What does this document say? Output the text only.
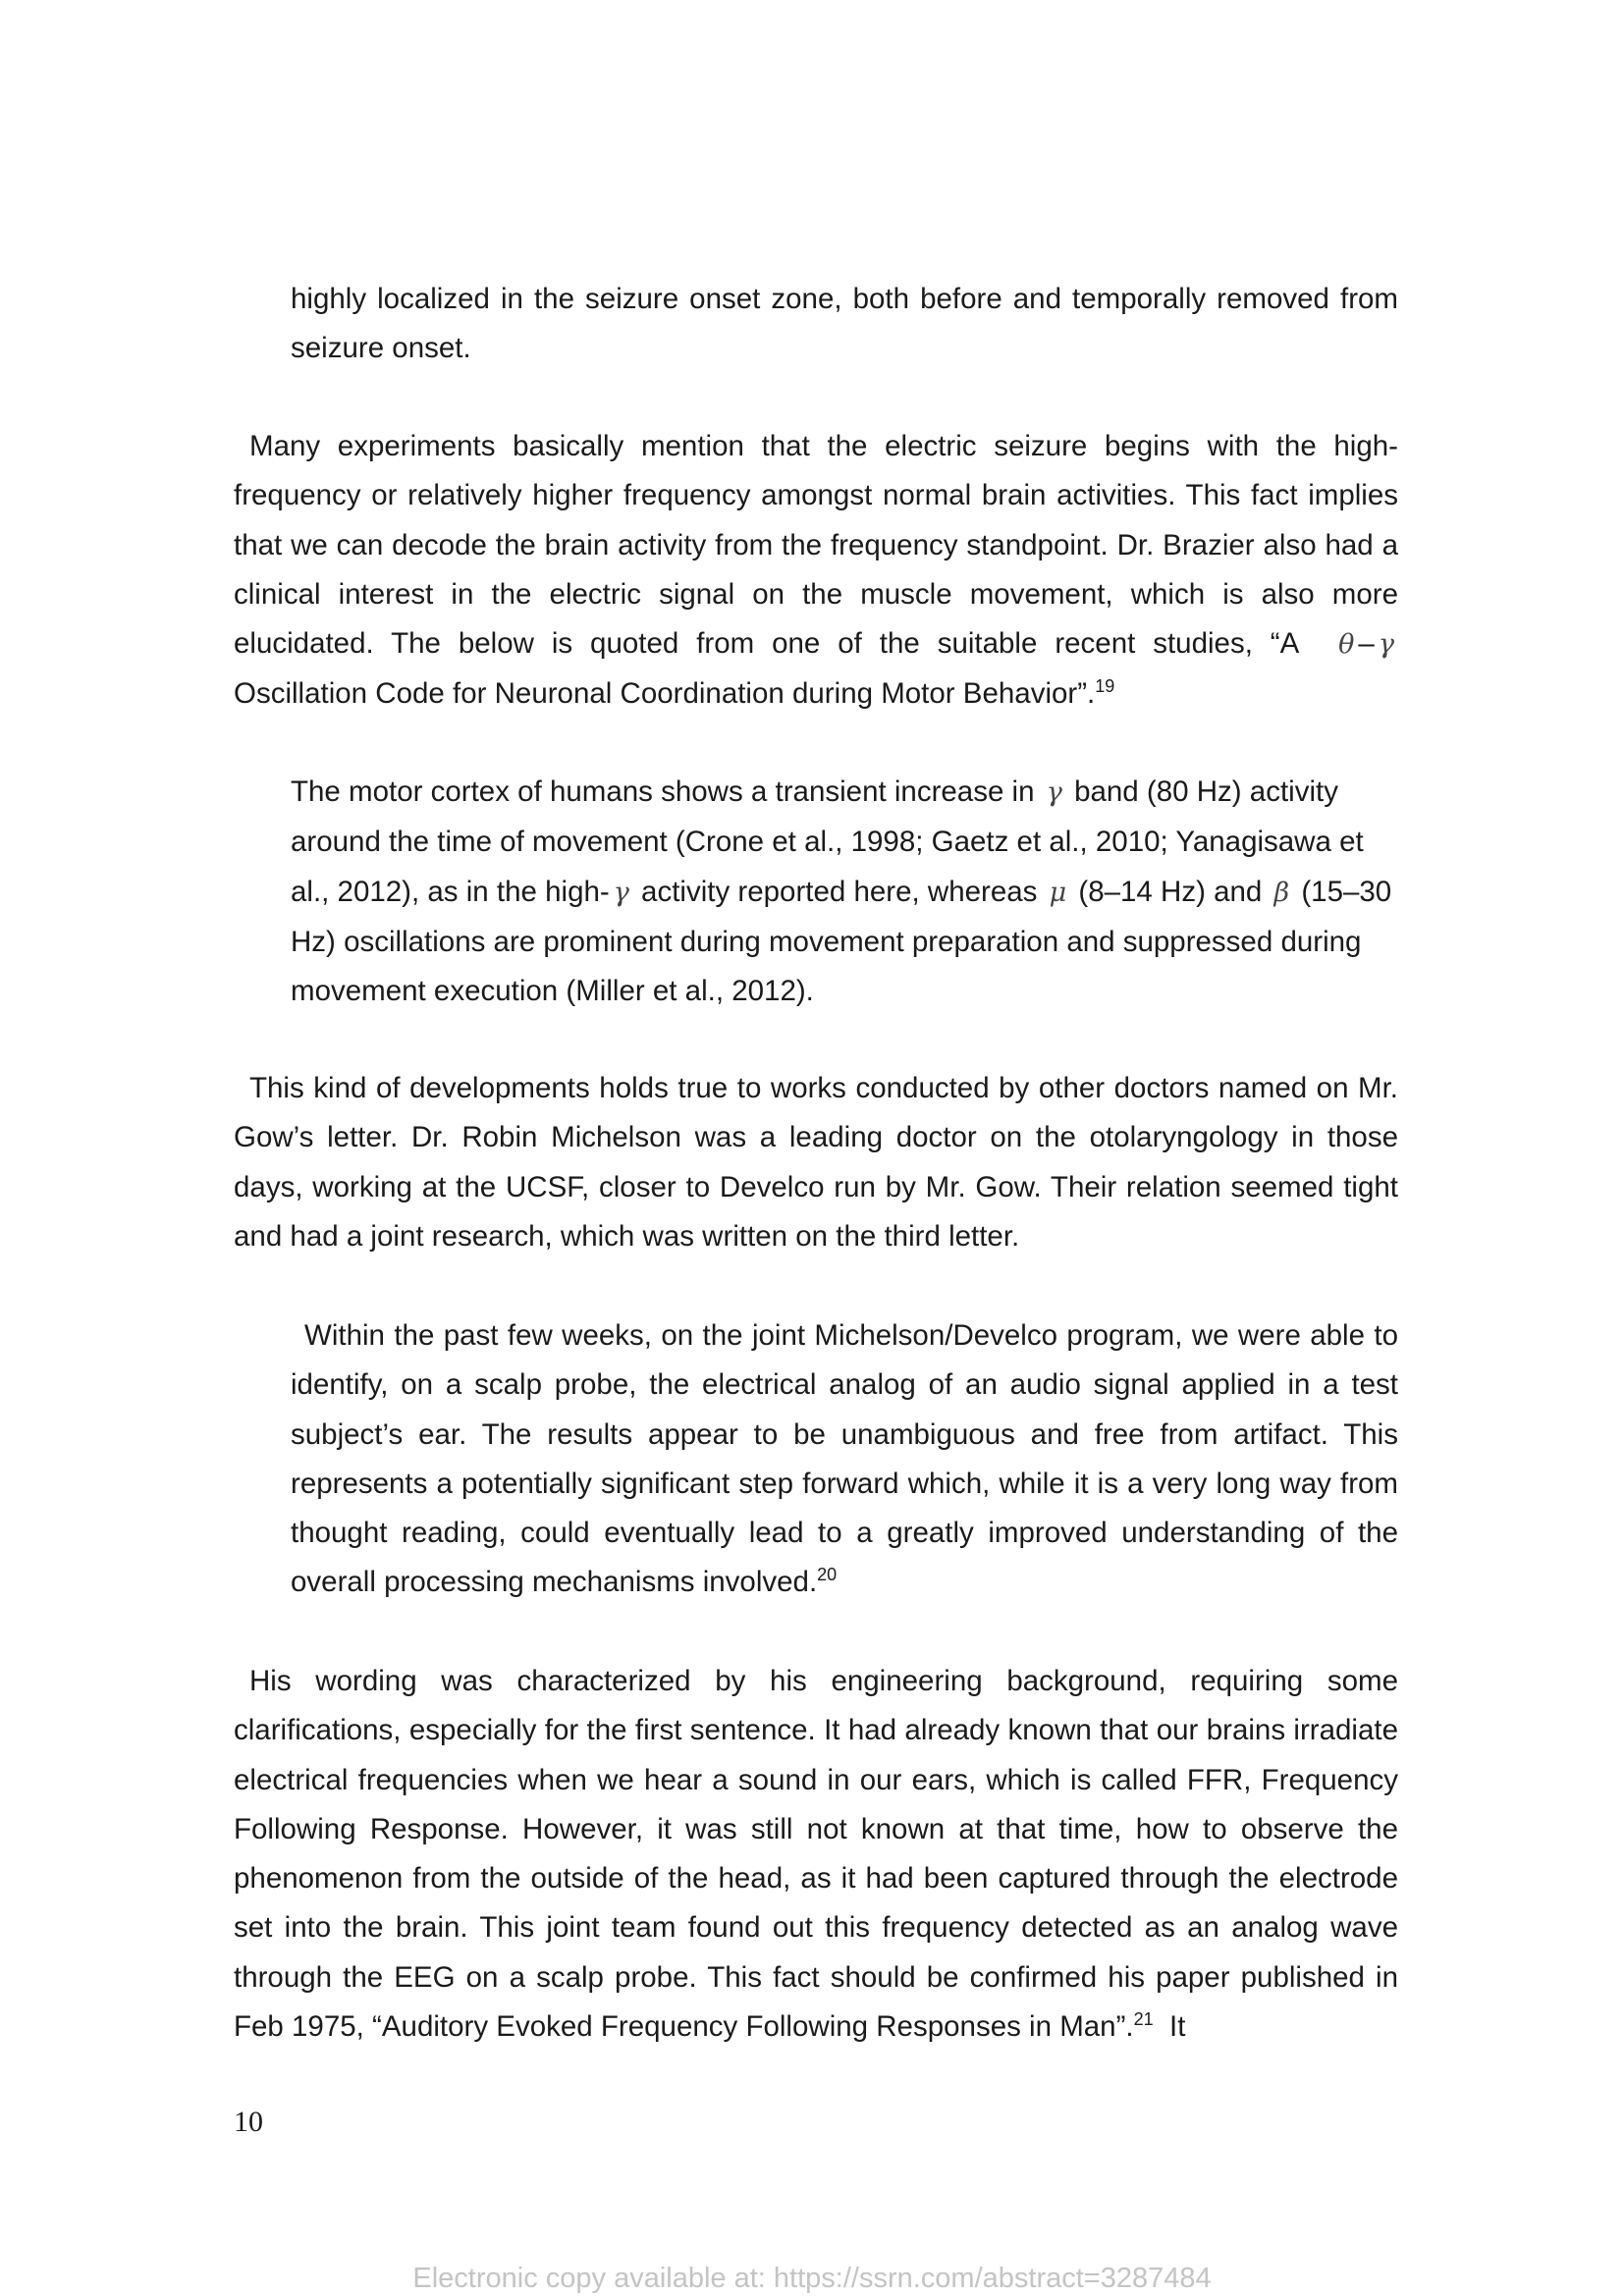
highly localized in the seizure onset zone, both before and temporally removed from seizure onset.

Many experiments basically mention that the electric seizure begins with the high-frequency or relatively higher frequency amongst normal brain activities. This fact implies that we can decode the brain activity from the frequency standpoint. Dr. Brazier also had a clinical interest in the electric signal on the muscle movement, which is also more elucidated. The below is quoted from one of the suitable recent studies, “A θ – γ Oscillation Code for Neuronal Coordination during Motor Behavior”.$^{19}$

The motor cortex of humans shows a transient increase in γ band (80 Hz) activity around the time of movement (Crone et al., 1998; Gaetz et al., 2010; Yanagisawa et al., 2012), as in the high- γ activity reported here, whereas μ (8–14 Hz) and β (15–30 Hz) oscillations are prominent during movement preparation and suppressed during movement execution (Miller et al., 2012).

This kind of developments holds true to works conducted by other doctors named on Mr. Gow’s letter. Dr. Robin Michelson was a leading doctor on the otolaryngology in those days, working at the UCSF, closer to Develco run by Mr. Gow. Their relation seemed tight and had a joint research, which was written on the third letter.

Within the past few weeks, on the joint Michelson/Develco program, we were able to identify, on a scalp probe, the electrical analog of an audio signal applied in a test subject’s ear. The results appear to be unambiguous and free from artifact. This represents a potentially significant step forward which, while it is a very long way from thought reading, could eventually lead to a greatly improved understanding of the overall processing mechanisms involved.$^{20}$

His wording was characterized by his engineering background, requiring some clarifications, especially for the first sentence. It had already known that our brains irradiate electrical frequencies when we hear a sound in our ears, which is called FFR, Frequency Following Response. However, it was still not known at that time, how to observe the phenomenon from the outside of the head, as it had been captured through the electrode set into the brain. This joint team found out this frequency detected as an analog wave through the EEG on a scalp probe. This fact should be confirmed his paper published in Feb 1975, “Auditory Evoked Frequency Following Responses in Man”.$^{21}$ It

10
Electronic copy available at: https://ssrn.com/abstract=3287484
